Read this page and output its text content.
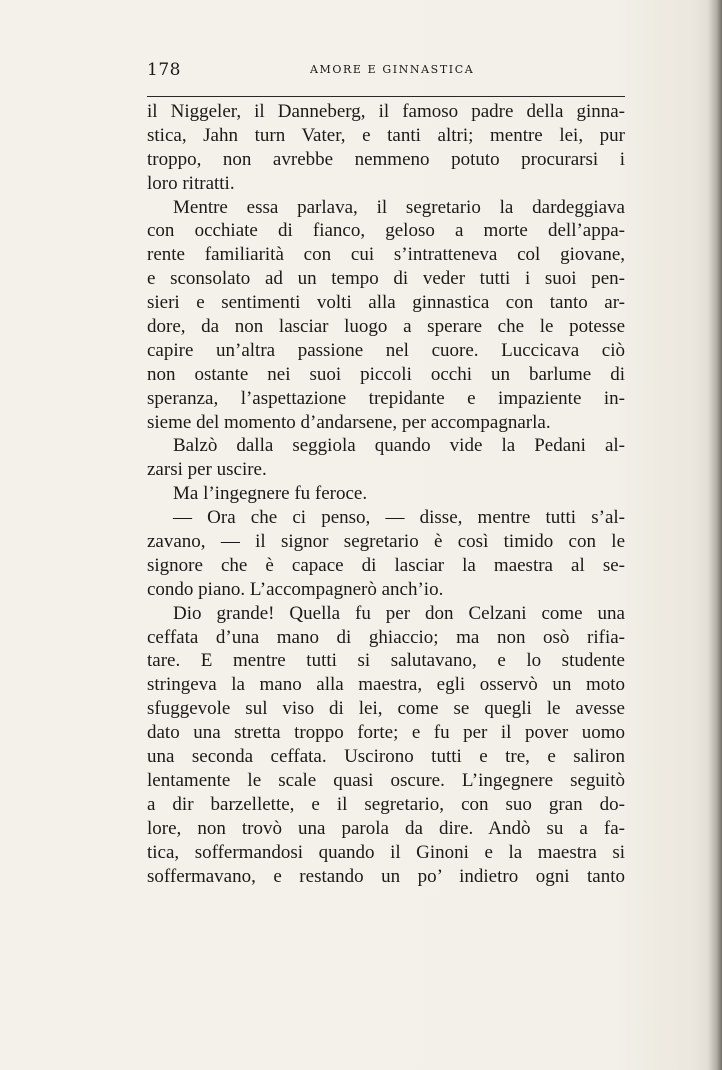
178	AMORE E GINNASTICA
il Niggeler, il Danneberg, il famoso padre della ginna-
stica, Jahn turn Vater, e tanti altri; mentre lei, pur
troppo, non avrebbe nemmeno potuto procurarsi i
loro ritratti.
Mentre essa parlava, il segretario la dardeggiava
con occhiate di fianco, geloso a morte dell’appa-
rente familiarità con cui s’intratteneva col giovane,
e sconsolato ad un tempo di veder tutti i suoi pen-
sieri e sentimenti volti alla ginnastica con tanto ar-
dore, da non lasciar luogo a sperare che le potesse
capire un’altra passione nel cuore. Luccicava ciò
non ostante nei suoi piccoli occhi un barlume di
speranza, l’aspettazione trepidante e impaziente in-
sieme del momento d’andarsene, per accompagnarla.
Balzò dalla seggiola quando vide la Pedani al-
zarsi per uscire.
Ma l’ingegnere fu feroce.
— Ora che ci penso, — disse, mentre tutti s’al-
zavano, — il signor segretario è così timido con le
signore che è capace di lasciar la maestra al se-
condo piano. L’accompagnerò anch’io.
Dio grande! Quella fu per don Celzani come una
ceffata d’una mano di ghiaccio; ma non osò rifia-
tare. E mentre tutti si salutavano, e lo studente
stringeva la mano alla maestra, egli osservò un moto
sfuggevole sul viso di lei, come se quegli le avesse
dato una stretta troppo forte; e fu per il pover uomo
una seconda ceffata. Uscirono tutti e tre, e saliron
lentamente le scale quasi oscure. L’ingegnere seguitò
a dir barzellette, e il segretario, con suo gran do-
lore, non trovò una parola da dire. Andò su a fa-
tica, soffermandosi quando il Ginoni e la maestra si
soffermavano, e restando un po’ indietro ogni tanto
